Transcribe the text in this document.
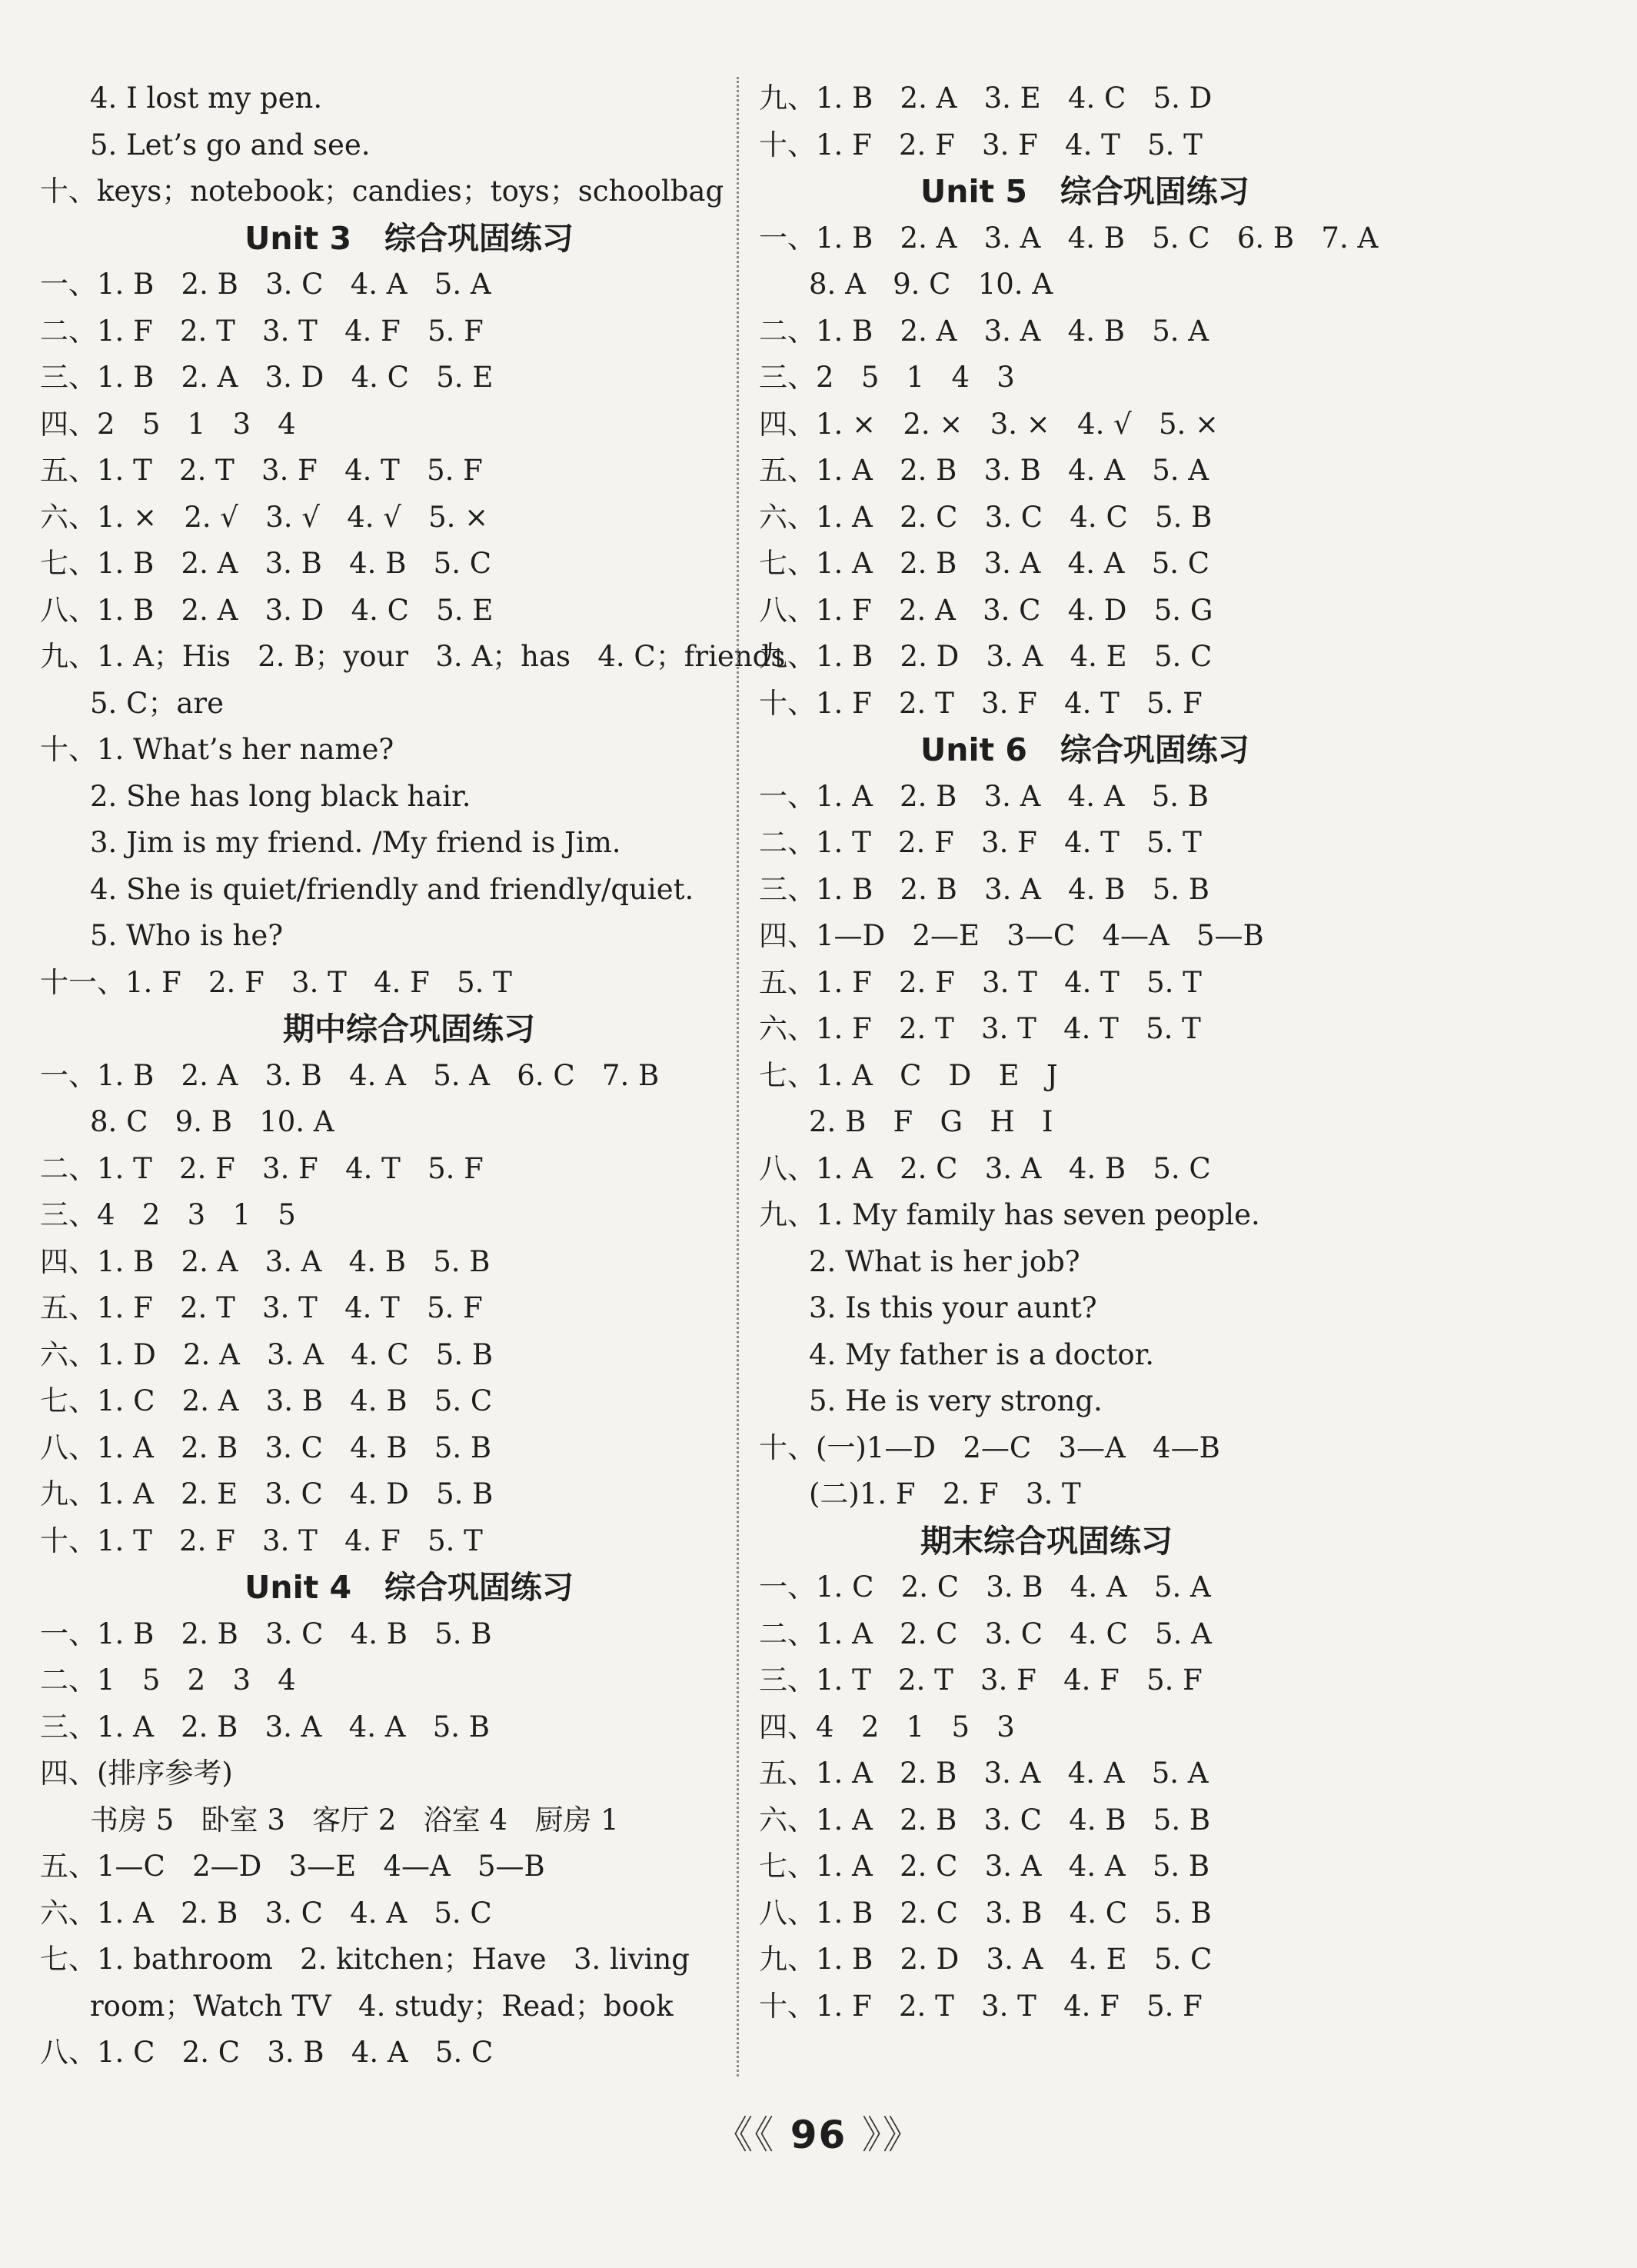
4. I lost my pen.
5. Let’s go and see.
十、keys；notebook；candies；toys；schoolbag
Unit 3   综合巩固练习
一、1. B   2. B   3. C   4. A   5. A
二、1. F   2. T   3. T   4. F   5. F
三、1. B   2. A   3. D   4. C   5. E
四、2   5   1   3   4
五、1. T   2. T   3. F   4. T   5. F
六、1. ×   2. √   3. √   4. √   5. ×
七、1. B   2. A   3. B   4. B   5. C
八、1. B   2. A   3. D   4. C   5. E
九、1. A；His   2. B；your   3. A；has   4. C；friends
5. C；are
十、1. What’s her name?
2. She has long black hair.
3. Jim is my friend. /My friend is Jim.
4. She is quiet/friendly and friendly/quiet.
5. Who is he?
十一、1. F   2. F   3. T   4. F   5. T
期中综合巩固练习
一、1. B   2. A   3. B   4. A   5. A   6. C   7. B
8. C   9. B   10. A
二、1. T   2. F   3. F   4. T   5. F
三、4   2   3   1   5
四、1. B   2. A   3. A   4. B   5. B
五、1. F   2. T   3. T   4. T   5. F
六、1. D   2. A   3. A   4. C   5. B
七、1. C   2. A   3. B   4. B   5. C
八、1. A   2. B   3. C   4. B   5. B
九、1. A   2. E   3. C   4. D   5. B
十、1. T   2. F   3. T   4. F   5. T
Unit 4   综合巩固练习
一、1. B   2. B   3. C   4. B   5. B
二、1   5   2   3   4
三、1. A   2. B   3. A   4. A   5. B
四、(排序参考)
书房 5   卧室 3   客厅 2   浴室 4   厨房 1
五、1—C   2—D   3—E   4—A   5—B
六、1. A   2. B   3. C   4. A   5. C
七、1. bathroom   2. kitchen；Have   3. living
room；Watch TV   4. study；Read；book
八、1. C   2. C   3. B   4. A   5. C
九、1. B   2. A   3. E   4. C   5. D
十、1. F   2. F   3. F   4. T   5. T
Unit 5   综合巩固练习
一、1. B   2. A   3. A   4. B   5. C   6. B   7. A
8. A   9. C   10. A
二、1. B   2. A   3. A   4. B   5. A
三、2   5   1   4   3
四、1. ×   2. ×   3. ×   4. √   5. ×
五、1. A   2. B   3. B   4. A   5. A
六、1. A   2. C   3. C   4. C   5. B
七、1. A   2. B   3. A   4. A   5. C
八、1. F   2. A   3. C   4. D   5. G
九、1. B   2. D   3. A   4. E   5. C
十、1. F   2. T   3. F   4. T   5. F
Unit 6   综合巩固练习
一、1. A   2. B   3. A   4. A   5. B
二、1. T   2. F   3. F   4. T   5. T
三、1. B   2. B   3. A   4. B   5. B
四、1—D   2—E   3—C   4—A   5—B
五、1. F   2. F   3. T   4. T   5. T
六、1. F   2. T   3. T   4. T   5. T
七、1. A   C   D   E   J
2. B   F   G   H   I
八、1. A   2. C   3. A   4. B   5. C
九、1. My family has seven people.
2. What is her job?
3. Is this your aunt?
4. My father is a doctor.
5. He is very strong.
十、(一)1—D   2—C   3—A   4—B
(二)1. F   2. F   3. T
期末综合巩固练习
一、1. C   2. C   3. B   4. A   5. A
二、1. A   2. C   3. C   4. C   5. A
三、1. T   2. T   3. F   4. F   5. F
四、4   2   1   5   3
五、1. A   2. B   3. A   4. A   5. A
六、1. A   2. B   3. C   4. B   5. B
七、1. A   2. C   3. A   4. A   5. B
八、1. B   2. C   3. B   4. C   5. B
九、1. B   2. D   3. A   4. E   5. C
十、1. F   2. T   3. T   4. F   5. F
《《 96 》》
